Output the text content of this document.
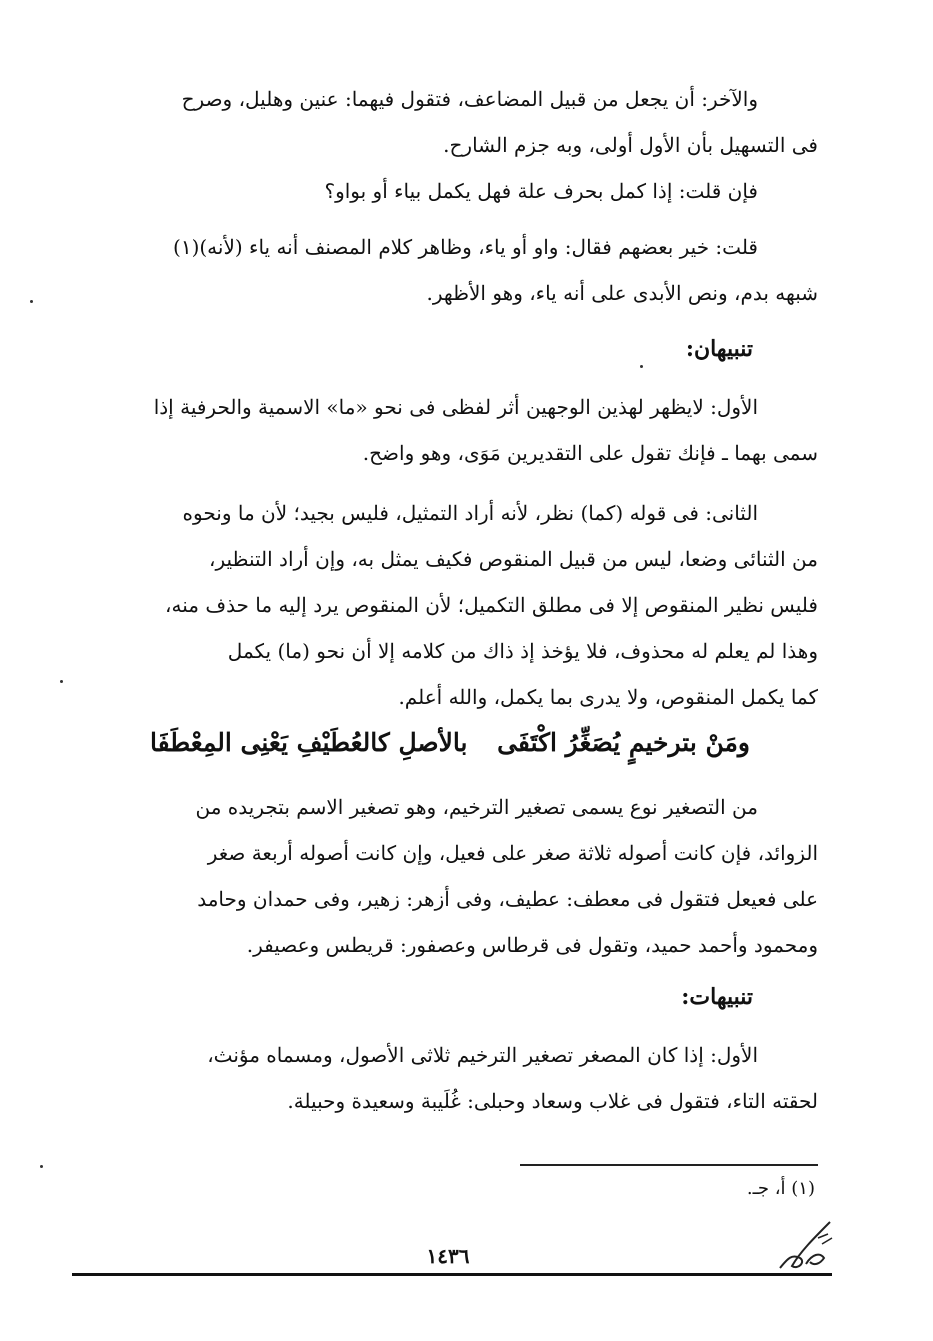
والآخر: أن يجعل من قبيل المضاعف، فتقول فيهما: عنين وهليل، وصرح
فى التسهيل بأن الأول أولى، وبه جزم الشارح.
فإن قلت: إذا كمل بحرف علة فهل يكمل بياء أو بواو؟
قلت: خير بعضهم فقال: واو أو ياء، وظاهر كلام المصنف أنه ياء (لأنه)(١)
شبهه بدم، ونص الأبدى على أنه ياء، وهو الأظهر.
تنبيهان:
الأول: لايظهر لهذين الوجهين أثر لفظى فى نحو «ما» الاسمية والحرفية إذا
سمى بهما ـ فإنك تقول على التقديرين مَوَى، وهو واضح.
الثانى: فى قوله (كما) نظر، لأنه أراد التمثيل، فليس بجيد؛ لأن ما ونحوه
من الثنائى وضعا، ليس من قبيل المنقوص فكيف يمثل به، وإن أراد التنظير،
فليس نظير المنقوص إلا فى مطلق التكميل؛ لأن المنقوص يرد إليه ما حذف منه،
وهذا لم يعلم له محذوف، فلا يؤخذ إذ ذاك من كلامه إلا أن نحو (ما) يكمل
كما يكمل المنقوص، ولا يدرى بما يكمل، والله أعلم.
ومَنْ بترخيمٍ يُصَغِّرُ اكْتَفَى
بالأصلِ كالعُطَيْفِ يَعْنِى المِعْطَفَا
من التصغير نوع يسمى تصغير الترخيم، وهو تصغير الاسم بتجريده من
الزوائد، فإن كانت أصوله ثلاثة صغر على فعيل، وإن كانت أصوله أربعة صغر
على فعيعل فتقول فى معطف: عطيف، وفى أزهر: زهير، وفى حمدان وحامد
ومحمود وأحمد حميد، وتقول فى قرطاس وعصفور: قريطس وعصيفر.
تنبيهات:
الأول: إذا كان المصغر تصغير الترخيم ثلاثى الأصول، ومسماه مؤنث،
لحقته التاء، فتقول فى غلاب وسعاد وحبلى: غُلَيبة وسعيدة وحبيلة.
(١) أ، جـ.
١٤٣٦
